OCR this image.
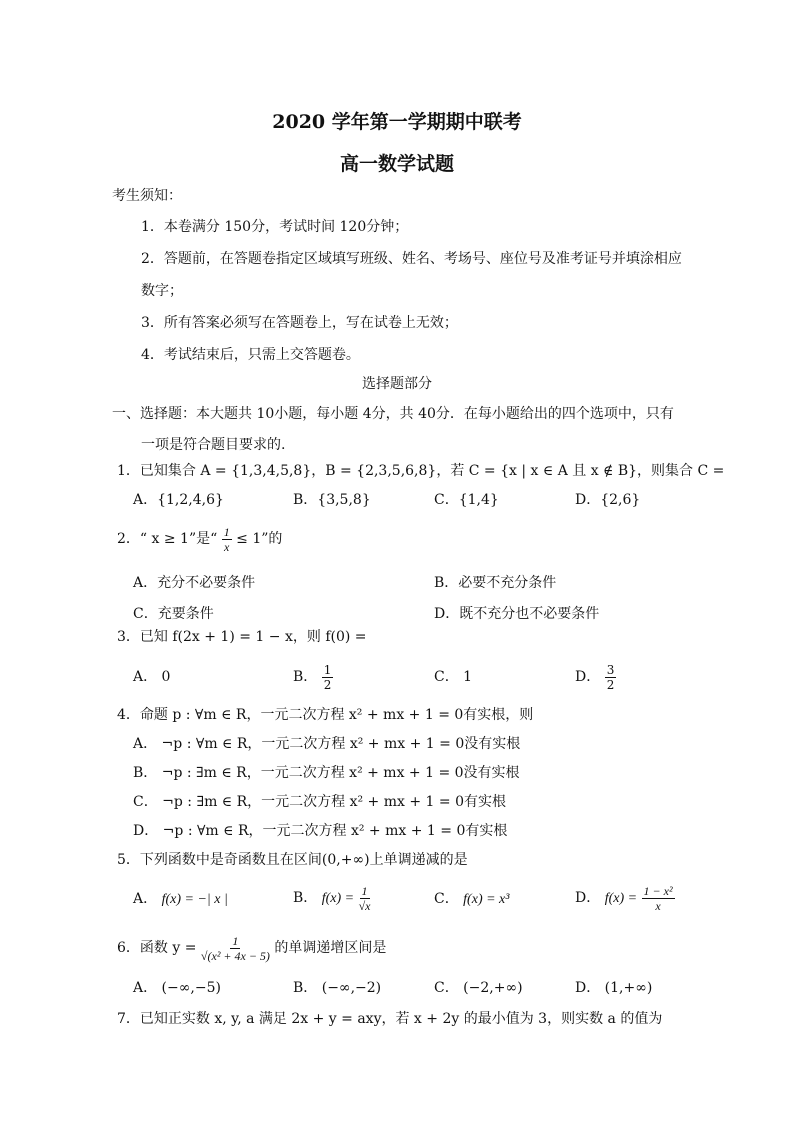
2020 学年第一学期期中联考
高一数学试题
考生须知：
1．本卷满分 150分，考试时间 120分钟；
2．答题前，在答题卷指定区域填写班级、姓名、考场号、座位号及准考证号并填涂相应
数字；
3．所有答案必须写在答题卷上，写在试卷上无效；
4．考试结束后，只需上交答题卷。
选择题部分
一、选择题：本大题共 10小题，每小题 4分，共 40分．在每小题给出的四个选项中，只有
一项是符合题目要求的.
1．已知集合 A = {1,3,4,5,8}，B = {2,3,5,6,8}，若 C = {x | x ∈ A 且 x ∉ B}，则集合 C =
A．{1,2,4,6}	B．{3,5,8}	C．{1,4}	D．{2,6}
2．“ x ≥ 1”是“ $\frac{1}{x} \le 1$”的
A．充分不必要条件	B．必要不充分条件
C．充要条件	D．既不充分也不必要条件
3．已知 f(2x + 1) = 1 − x，则 f(0) =
A． 0	B． $\frac{1}{2}$	C． 1	D． $\frac{3}{2}$
4．命题 p : ∀m ∈ R，一元二次方程 x² + mx + 1 = 0有实根，则
A． ¬p : ∀m ∈ R，一元二次方程 x² + mx + 1 = 0没有实根
B． ¬p : ∃m ∈ R，一元二次方程 x² + mx + 1 = 0没有实根
C． ¬p : ∃m ∈ R，一元二次方程 x² + mx + 1 = 0有实根
D． ¬p : ∀m ∈ R，一元二次方程 x² + mx + 1 = 0有实根
5．下列函数中是奇函数且在区间(0,+∞)上单调递减的是
A． f(x) = −| x |	B． $f(x) = \frac{1}{√x}$	C． f(x) = x³	D． $f(x) = \frac{\text{1 − x²}}{x}$
6．函数 $y = \frac{1}{\text{√(x² + 4x − 5)}}$ 的单调递增区间是
A． (−∞,−5)	B． (−∞,−2)	C． (−2,+∞)	D． (1,+∞)
7．已知正实数 x, y, a 满足 2x + y = axy，若 x + 2y 的最小值为 3，则实数 a 的值为
